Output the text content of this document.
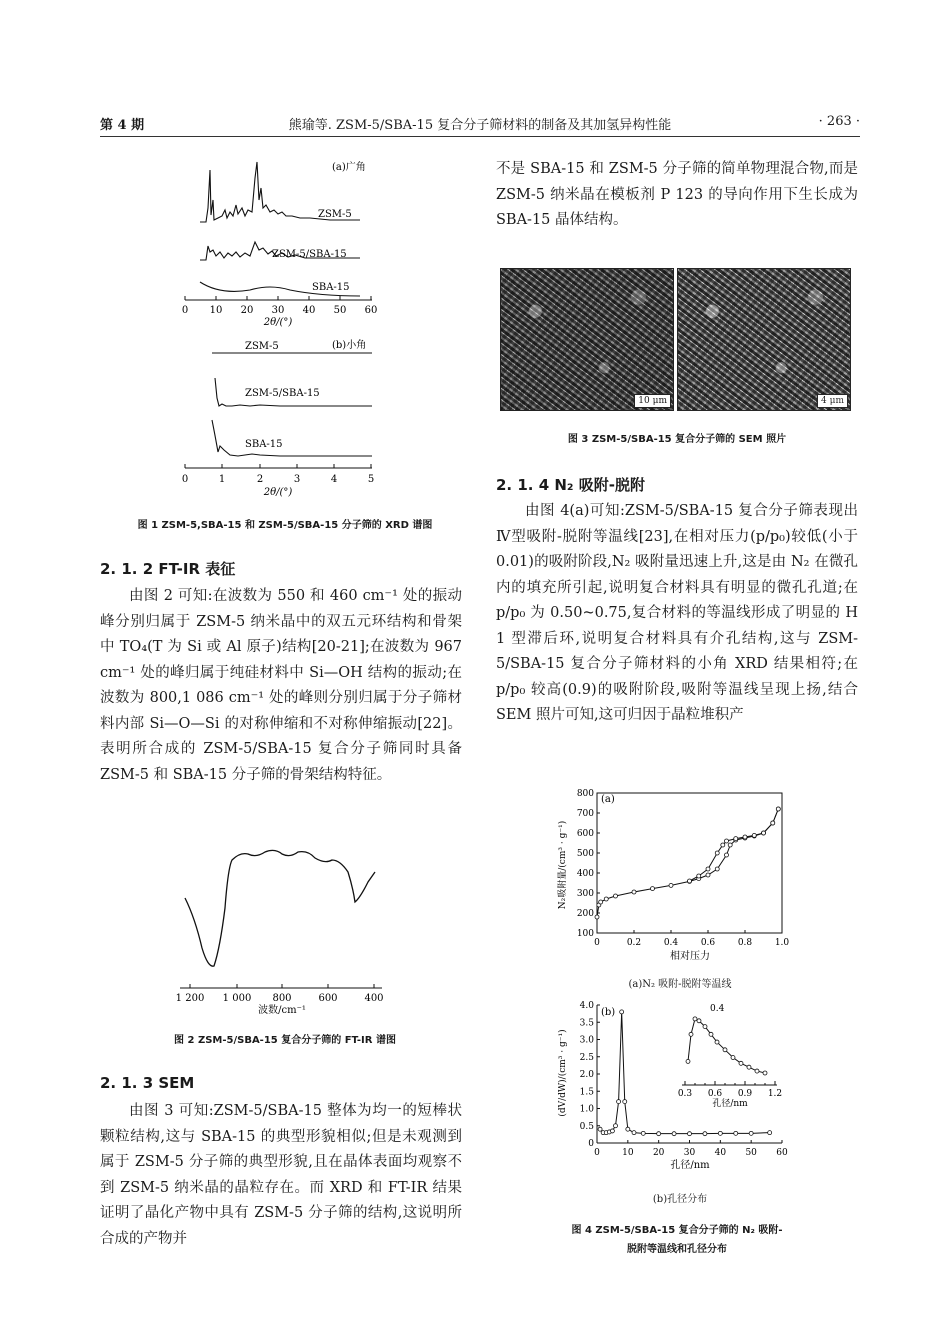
第 4 期	熊瑜等. ZSM-5/SBA-15 复合分子筛材料的制备及其加氢异构性能	· 263 ·
(a)广角
ZSM-5
ZSM-5/SBA-15
SBA-15
0 10 20 30 40 50 60
2θ/(°)
(b)小角
ZSM-5
ZSM-5/SBA-15
SBA-15
0	1	2	3	4	5
2θ/(°)
图 1 ZSM-5,SBA-15 和 ZSM-5/SBA-15 分子筛的 XRD 谱图
2. 1. 2 FT-IR 表征

由图 2 可知:在波数为 550 和 460 cm⁻¹ 处的振动峰分别归属于 ZSM-5 纳米晶中的双五元环结构和骨架中 TO₄(T 为 Si 或 Al 原子)结构[20-21];在波数为 967 cm⁻¹ 处的峰归属于纯硅材料中 Si—OH 结构的振动;在波数为 800,1 086 cm⁻¹ 处的峰则分别归属于分子筛材料内部 Si—O—Si 的对称伸缩和不对称伸缩振动[22]。表明所合成的 ZSM-5/SBA-15 复合分子筛同时具备 ZSM-5 和 SBA-15 分子筛的骨架结构特征。

1 200 1 000 800	600	400
波数/cm⁻¹
图 2 ZSM-5/SBA-15 复合分子筛的 FT-IR 谱图
2. 1. 3 SEM

由图 3 可知:ZSM-5/SBA-15 整体为均一的短棒状颗粒结构,这与 SBA-15 的典型形貌相似;但是未观测到属于 ZSM-5 分子筛的典型形貌,且在晶体表面均观察不到 ZSM-5 纳米晶的晶粒存在。而 XRD 和 FT-IR 结果证明了晶化产物中具有 ZSM-5 分子筛的结构,这说明所合成的产物并

不是 SBA-15 和 ZSM-5 分子筛的简单物理混合物,而是 ZSM-5 纳米晶在模板剂 P 123 的导向作用下生长成为 SBA-15 晶体结构。

10 μm	4 μm
图 3 ZSM-5/SBA-15 复合分子筛的 SEM 照片
2. 1. 4 N₂ 吸附-脱附

由图 4(a)可知:ZSM-5/SBA-15 复合分子筛表现出Ⅳ型吸附-脱附等温线[23],在相对压力(p/p₀)较低(小于 0.01)的吸附阶段,N₂ 吸附量迅速上升,这是由 N₂ 在微孔内的填充所引起,说明复合材料具有明显的微孔孔道;在 p/p₀ 为 0.50~0.75,复合材料的等温线形成了明显的 H 1 型滞后环,说明复合材料具有介孔结构,这与 ZSM-5/SBA-15 复合分子筛材料的小角 XRD 结果相符;在 p/p₀ 较高(0.9)的吸附阶段,吸附等温线呈现上扬,结合 SEM 照片可知,这可归因于晶粒堆积产

(a)
N₂吸附量/(cm³ · g⁻¹)
100
200
300
400
500
600
700
800
0	0.2	0.4	0.6	0.8	1.0
相对压力
(a)N₂ 吸附-脱附等温线
(b)
(dV/dW)/(cm³ · g⁻¹)
0
0.5
1.0
1.5
2.0
2.5
3.0
3.5
4.0
0 10 20 30 40 50 60
孔径/nm
0.3 0.6 0.9 1.2
0.4
孔径/nm
(b)孔径分布
图 4 ZSM-5/SBA-15 复合分子筛的 N₂ 吸附-
脱附等温线和孔径分布
